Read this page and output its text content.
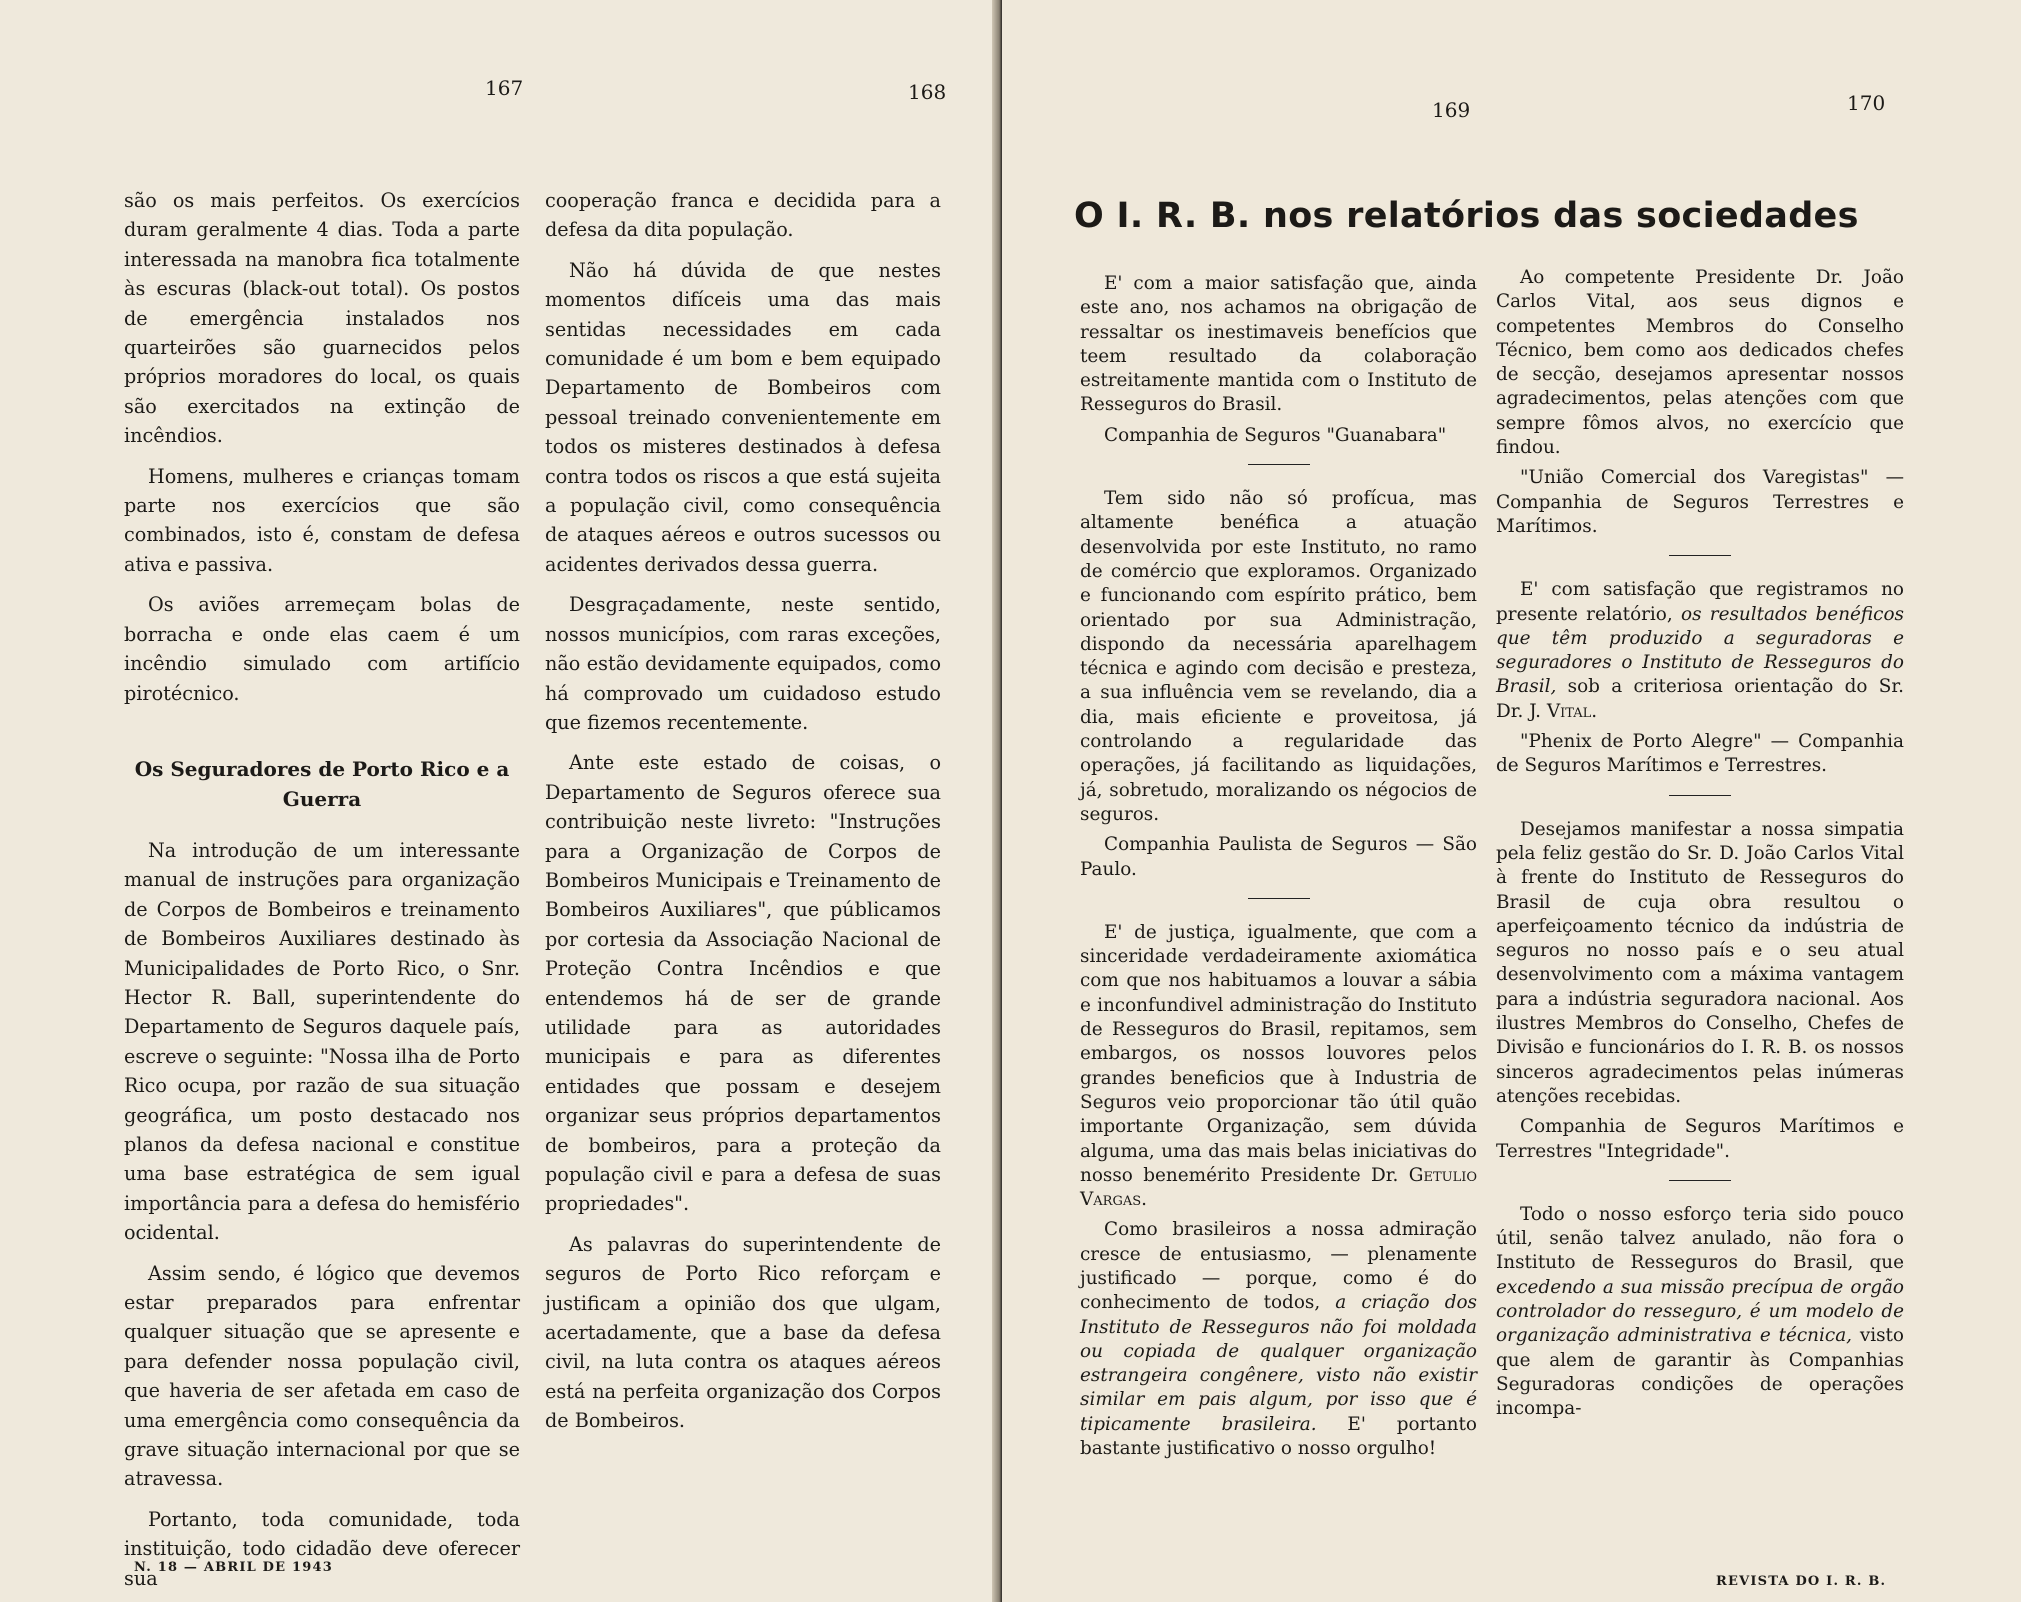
167	168

são os mais perfeitos. Os exercícios duram geralmente 4 dias. Toda a parte interessada na manobra fica totalmente às escuras (black-out total). Os postos de emergência instalados nos quarteirões são guarnecidos pelos próprios moradores do local, os quais são exercitados na extinção de incêndios.

Homens, mulheres e crianças tomam parte nos exercícios que são combinados, isto é, constam de defesa ativa e passiva.

Os aviões arremeçam bolas de borracha e onde elas caem é um incêndio simulado com artifício pirotécnico.

Os Seguradores de Porto Rico e a Guerra

Na introdução de um interessante manual de instruções para organização de Corpos de Bombeiros e treinamento de Bombeiros Auxiliares destinado às Municipalidades de Porto Rico, o Snr. Hector R. Ball, superintendente do Departamento de Seguros daquele país, escreve o seguinte: "Nossa ilha de Porto Rico ocupa, por razão de sua situação geográfica, um posto destacado nos planos da defesa nacional e constitue uma base estratégica de sem igual importância para a defesa do hemisfério ocidental.

Assim sendo, é lógico que devemos estar preparados para enfrentar qualquer situação que se apresente e para defender nossa população civil, que haveria de ser afetada em caso de uma emergência como consequência da grave situação internacional por que se atravessa.

Portanto, toda comunidade, toda instituição, todo cidadão deve oferecer sua

cooperação franca e decidida para a defesa da dita população.

Não há dúvida de que nestes momentos difíceis uma das mais sentidas necessidades em cada comunidade é um bom e bem equipado Departamento de Bombeiros com pessoal treinado convenientemente em todos os misteres destinados à defesa contra todos os riscos a que está sujeita a população civil, como consequência de ataques aéreos e outros sucessos ou acidentes derivados dessa guerra.

Desgraçadamente, neste sentido, nossos municípios, com raras exceções, não estão devidamente equipados, como há comprovado um cuidadoso estudo que fizemos recentemente.

Ante este estado de coisas, o Departamento de Seguros oferece sua contribuição neste livreto: "Instruções para a Organização de Corpos de Bombeiros Municipais e Treinamento de Bombeiros Auxiliares", que públicamos por cortesia da Associação Nacional de Proteção Contra Incêndios e que entendemos há de ser de grande utilidade para as autoridades municipais e para as diferentes entidades que possam e desejem organizar seus próprios departamentos de bombeiros, para a proteção da população civil e para a defesa de suas propriedades".

As palavras do superintendente de seguros de Porto Rico reforçam e justificam a opinião dos que ulgam, acertadamente, que a base da defesa civil, na luta contra os ataques aéreos está na perfeita organização dos Corpos de Bombeiros.

N. 18 — ABRIL DE 1943
169	170
O I. R. B. nos relatórios das sociedades

E' com a maior satisfação que, ainda este ano, nos achamos na obrigação de ressaltar os inestimaveis benefícios que teem resultado da colaboração estreitamente mantida com o Instituto de Resseguros do Brasil.

Companhia de Seguros "Guanabara"

Tem sido não só profícua, mas altamente benéfica a atuação desenvolvida por este Instituto, no ramo de comércio que exploramos. Organizado e funcionando com espírito prático, bem orientado por sua Administração, dispondo da necessária aparelhagem técnica e agindo com decisão e presteza, a sua influência vem se revelando, dia a dia, mais eficiente e proveitosa, já controlando a regularidade das operações, já facilitando as liquidações, já, sobretudo, moralizando os négocios de seguros.

Companhia Paulista de Seguros — São Paulo.

E' de justiça, igualmente, que com a sinceridade verdadeiramente axiomática com que nos habituamos a louvar a sábia e inconfundivel administração do Instituto de Resseguros do Brasil, repitamos, sem embargos, os nossos louvores pelos grandes beneficios que à Industria de Seguros veio proporcionar tão útil quão importante Organização, sem dúvida alguma, uma das mais belas iniciativas do nosso benemérito Presidente Dr. Getulio Vargas.

Como brasileiros a nossa admiração cresce de entusiasmo, — plenamente justificado — porque, como é do conhecimento de todos, a criação dos Instituto de Resseguros não foi moldada ou copiada de qualquer organização estrangeira congênere, visto não existir similar em pais algum, por isso que é tipicamente brasileira. E' portanto bastante justificativo o nosso orgulho!

Ao competente Presidente Dr. João Carlos Vital, aos seus dignos e competentes Membros do Conselho Técnico, bem como aos dedicados chefes de secção, desejamos apresentar nossos agradecimentos, pelas atenções com que sempre fômos alvos, no exercício que findou.

"União Comercial dos Varegistas" — Companhia de Seguros Terrestres e Marítimos.

E' com satisfação que registramos no presente relatório, os resultados benéficos que têm produzido a seguradoras e seguradores o Instituto de Resseguros do Brasil, sob a criteriosa orientação do Sr. Dr. J. Vital.

"Phenix de Porto Alegre" — Companhia de Seguros Marítimos e Terrestres.

Desejamos manifestar a nossa simpatia pela feliz gestão do Sr. D. João Carlos Vital à frente do Instituto de Resseguros do Brasil de cuja obra resultou o aperfeiçoamento técnico da indústria de seguros no nosso país e o seu atual desenvolvimento com a máxima vantagem para a indústria seguradora nacional. Aos ilustres Membros do Conselho, Chefes de Divisão e funcionários do I. R. B. os nossos sinceros agradecimentos pelas inúmeras atenções recebidas.

Companhia de Seguros Marítimos e Terrestres "Integridade".

Todo o nosso esforço teria sido pouco útil, senão talvez anulado, não fora o Instituto de Resseguros do Brasil, que excedendo a sua missão precípua de orgão controlador do resseguro, é um modelo de organização administrativa e técnica, visto que alem de garantir às Companhias Seguradoras condições de operações incompa-

REVISTA DO I. R. B.
